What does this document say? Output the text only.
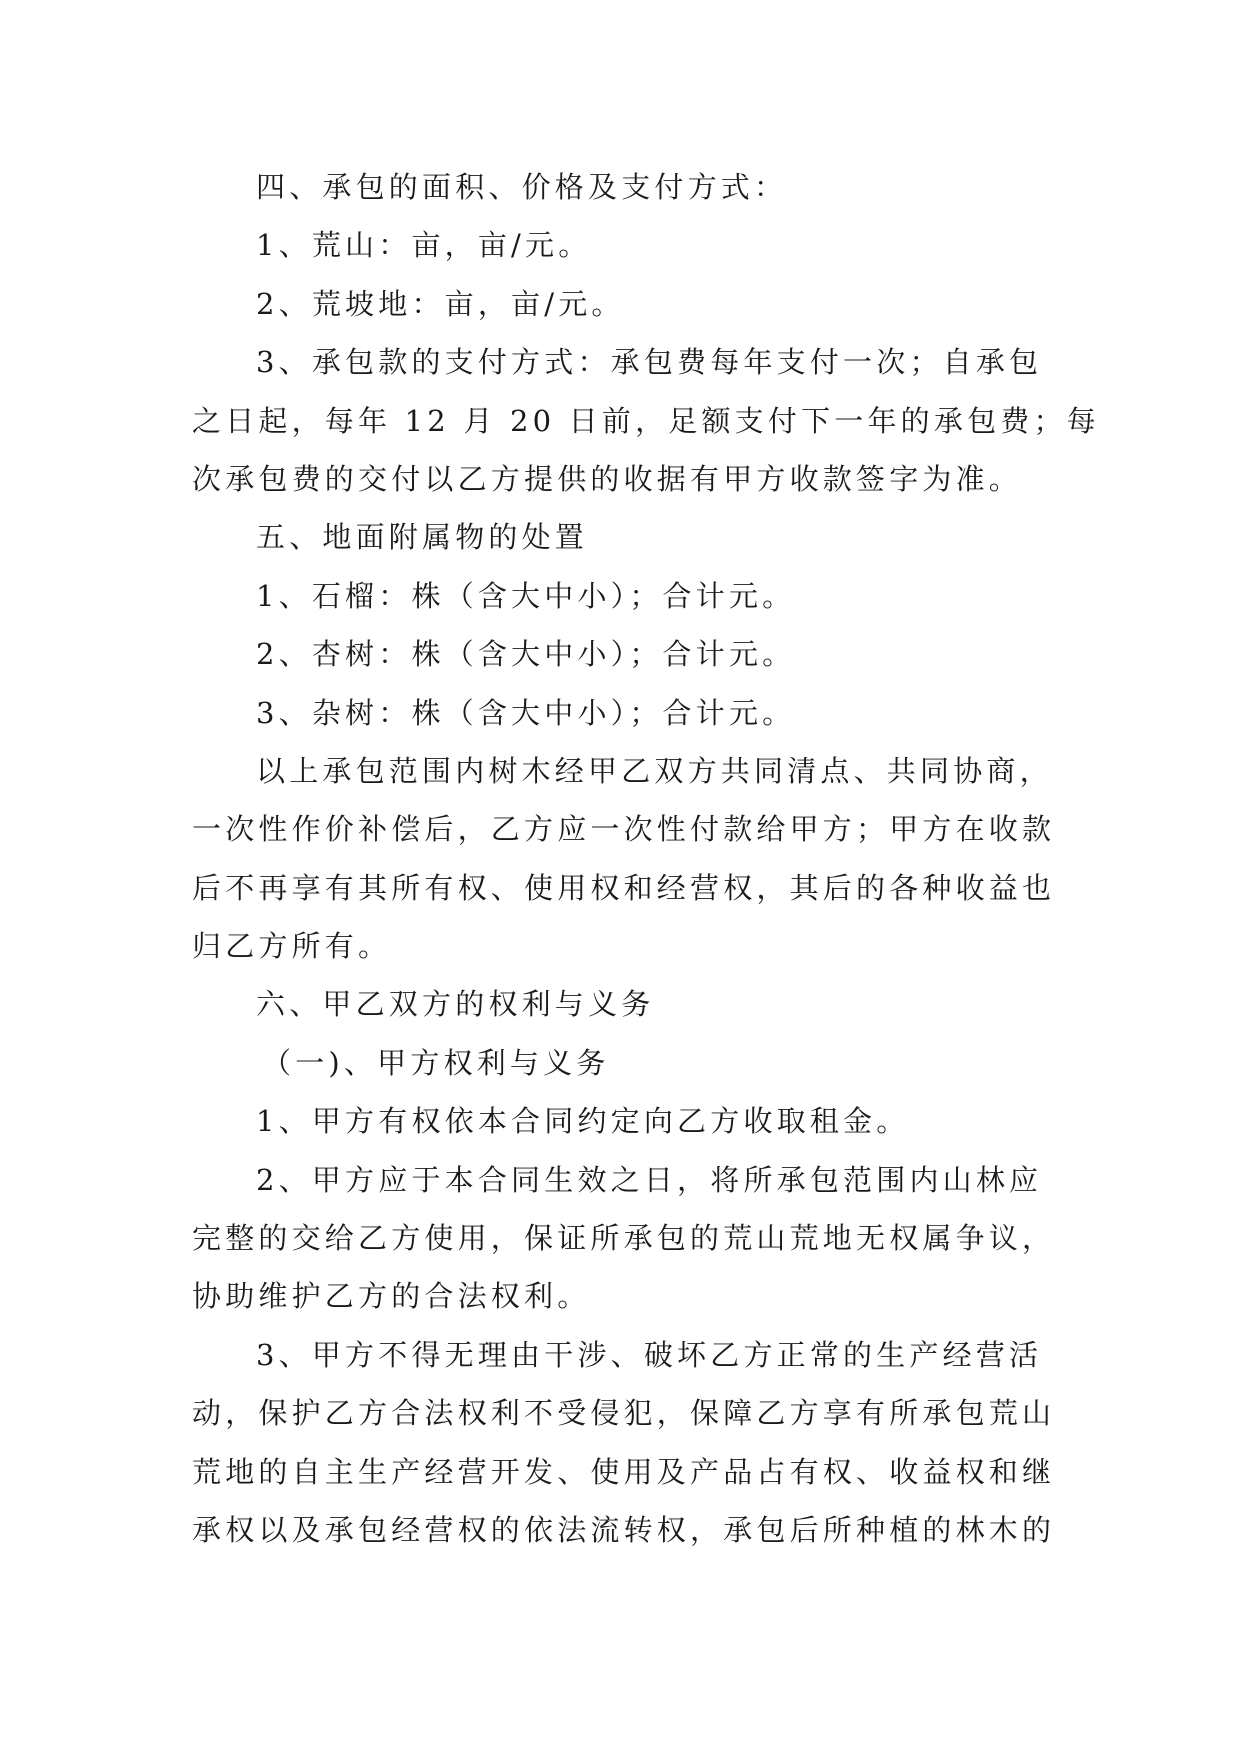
四、承包的面积、价格及支付方式：

1、荒山：亩，亩/元。

2、荒坡地：亩，亩/元。

3、承包款的支付方式：承包费每年支付一次；自承包

之日起，每年 12 月 20 日前，足额支付下一年的承包费；每

次承包费的交付以乙方提供的收据有甲方收款签字为准。

五、地面附属物的处置

1、石榴：株（含大中小）；合计元。

2、杏树：株（含大中小）；合计元。

3、杂树：株（含大中小）；合计元。

以上承包范围内树木经甲乙双方共同清点、共同协商，

一次性作价补偿后，乙方应一次性付款给甲方；甲方在收款

后不再享有其所有权、使用权和经营权，其后的各种收益也

归乙方所有。

六、甲乙双方的权利与义务

（一)、甲方权利与义务

1、甲方有权依本合同约定向乙方收取租金。

2、甲方应于本合同生效之日，将所承包范围内山林应

完整的交给乙方使用，保证所承包的荒山荒地无权属争议，

协助维护乙方的合法权利。

3、甲方不得无理由干涉、破坏乙方正常的生产经营活

动，保护乙方合法权利不受侵犯，保障乙方享有所承包荒山

荒地的自主生产经营开发、使用及产品占有权、收益权和继

承权以及承包经营权的依法流转权，承包后所种植的林木的
